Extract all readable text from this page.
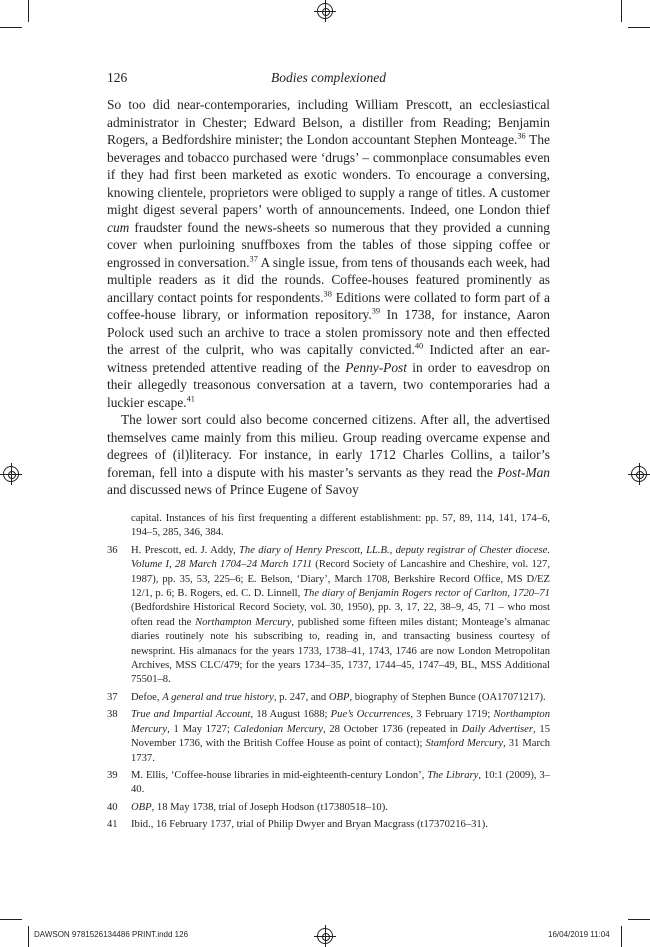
126	Bodies complexioned

So too did near-contemporaries, including William Prescott, an ecclesiastical administrator in Chester; Edward Belson, a distiller from Reading; Benjamin Rogers, a Bedfordshire minister; the London accountant Stephen Monteage.$^{36}$ The beverages and tobacco purchased were ‘drugs’ – commonplace consumables even if they had first been marketed as exotic wonders. To encourage a conversing, knowing clientele, proprietors were obliged to supply a range of titles. A customer might digest several papers’ worth of announcements. Indeed, one London thief cum fraudster found the news-sheets so numerous that they provided a cunning cover when purloining snuffboxes from the tables of those sipping coffee or engrossed in conversation.$^{37}$ A single issue, from tens of thousands each week, had multiple readers as it did the rounds. Coffee-houses featured prominently as ancillary contact points for respondents.$^{38}$ Editions were collated to form part of a coffee-house library, or information repository.$^{39}$ In 1738, for instance, Aaron Polock used such an archive to trace a stolen promissory note and then effected the arrest of the culprit, who was capitally convicted.$^{40}$ Indicted after an ear-witness pretended attentive reading of the Penny-Post in order to eavesdrop on their allegedly treasonous conversation at a tavern, two contemporaries had a luckier escape.$^{41}$

The lower sort could also become concerned citizens. After all, the advertised themselves came mainly from this milieu. Group reading overcame expense and degrees of (il)literacy. For instance, in early 1712 Charles Collins, a tailor’s foreman, fell into a dispute with his master’s servants as they read the Post-Man and discussed news of Prince Eugene of Savoy

capital. Instances of his first frequenting a different establishment: pp. 57, 89, 114, 141, 174–6, 194–5, 285, 346, 384.

36 H. Prescott, ed. J. Addy, The diary of Henry Prescott, LL.B., deputy registrar of Chester diocese. Volume I, 28 March 1704–24 March 1711 (Record Society of Lancashire and Cheshire, vol. 127, 1987), pp. 35, 53, 225–6; E. Belson, ‘Diary’, March 1708, Berkshire Record Office, MS D/EZ 12/1, p. 6; B. Rogers, ed. C. D. Linnell, The diary of Benjamin Rogers rector of Carlton, 1720–71 (Bedfordshire Historical Record Society, vol. 30, 1950), pp. 3, 17, 22, 38–9, 45, 71 – who most often read the Northampton Mercury, published some fifteen miles distant; Monteage’s almanac diaries routinely note his subscribing to, reading in, and transacting business courtesy of newsprint. His almanacs for the years 1733, 1738–41, 1743, 1746 are now London Metropolitan Archives, MSS CLC/479; for the years 1734–35, 1737, 1744–45, 1747–49, BL, MSS Additional 75501–8.

37 Defoe, A general and true history, p. 247, and OBP, biography of Stephen Bunce (OA17071217).

38 True and Impartial Account, 18 August 1688; Pue’s Occurrences, 3 February 1719; Northampton Mercury, 1 May 1727; Caledonian Mercury, 28 October 1736 (repeated in Daily Advertiser, 15 November 1736, with the British Coffee House as point of contact); Stamford Mercury, 31 March 1737.

39 M. Ellis, ‘Coffee-house libraries in mid-eighteenth-century London’, The Library, 10:1 (2009), 3–40.

40 OBP, 18 May 1738, trial of Joseph Hodson (t17380518–10).

41 Ibid., 16 February 1737, trial of Philip Dwyer and Bryan Macgrass (t17370216–31).

DAWSON 9781526134486 PRINT.indd 126	16/04/2019 11:04
